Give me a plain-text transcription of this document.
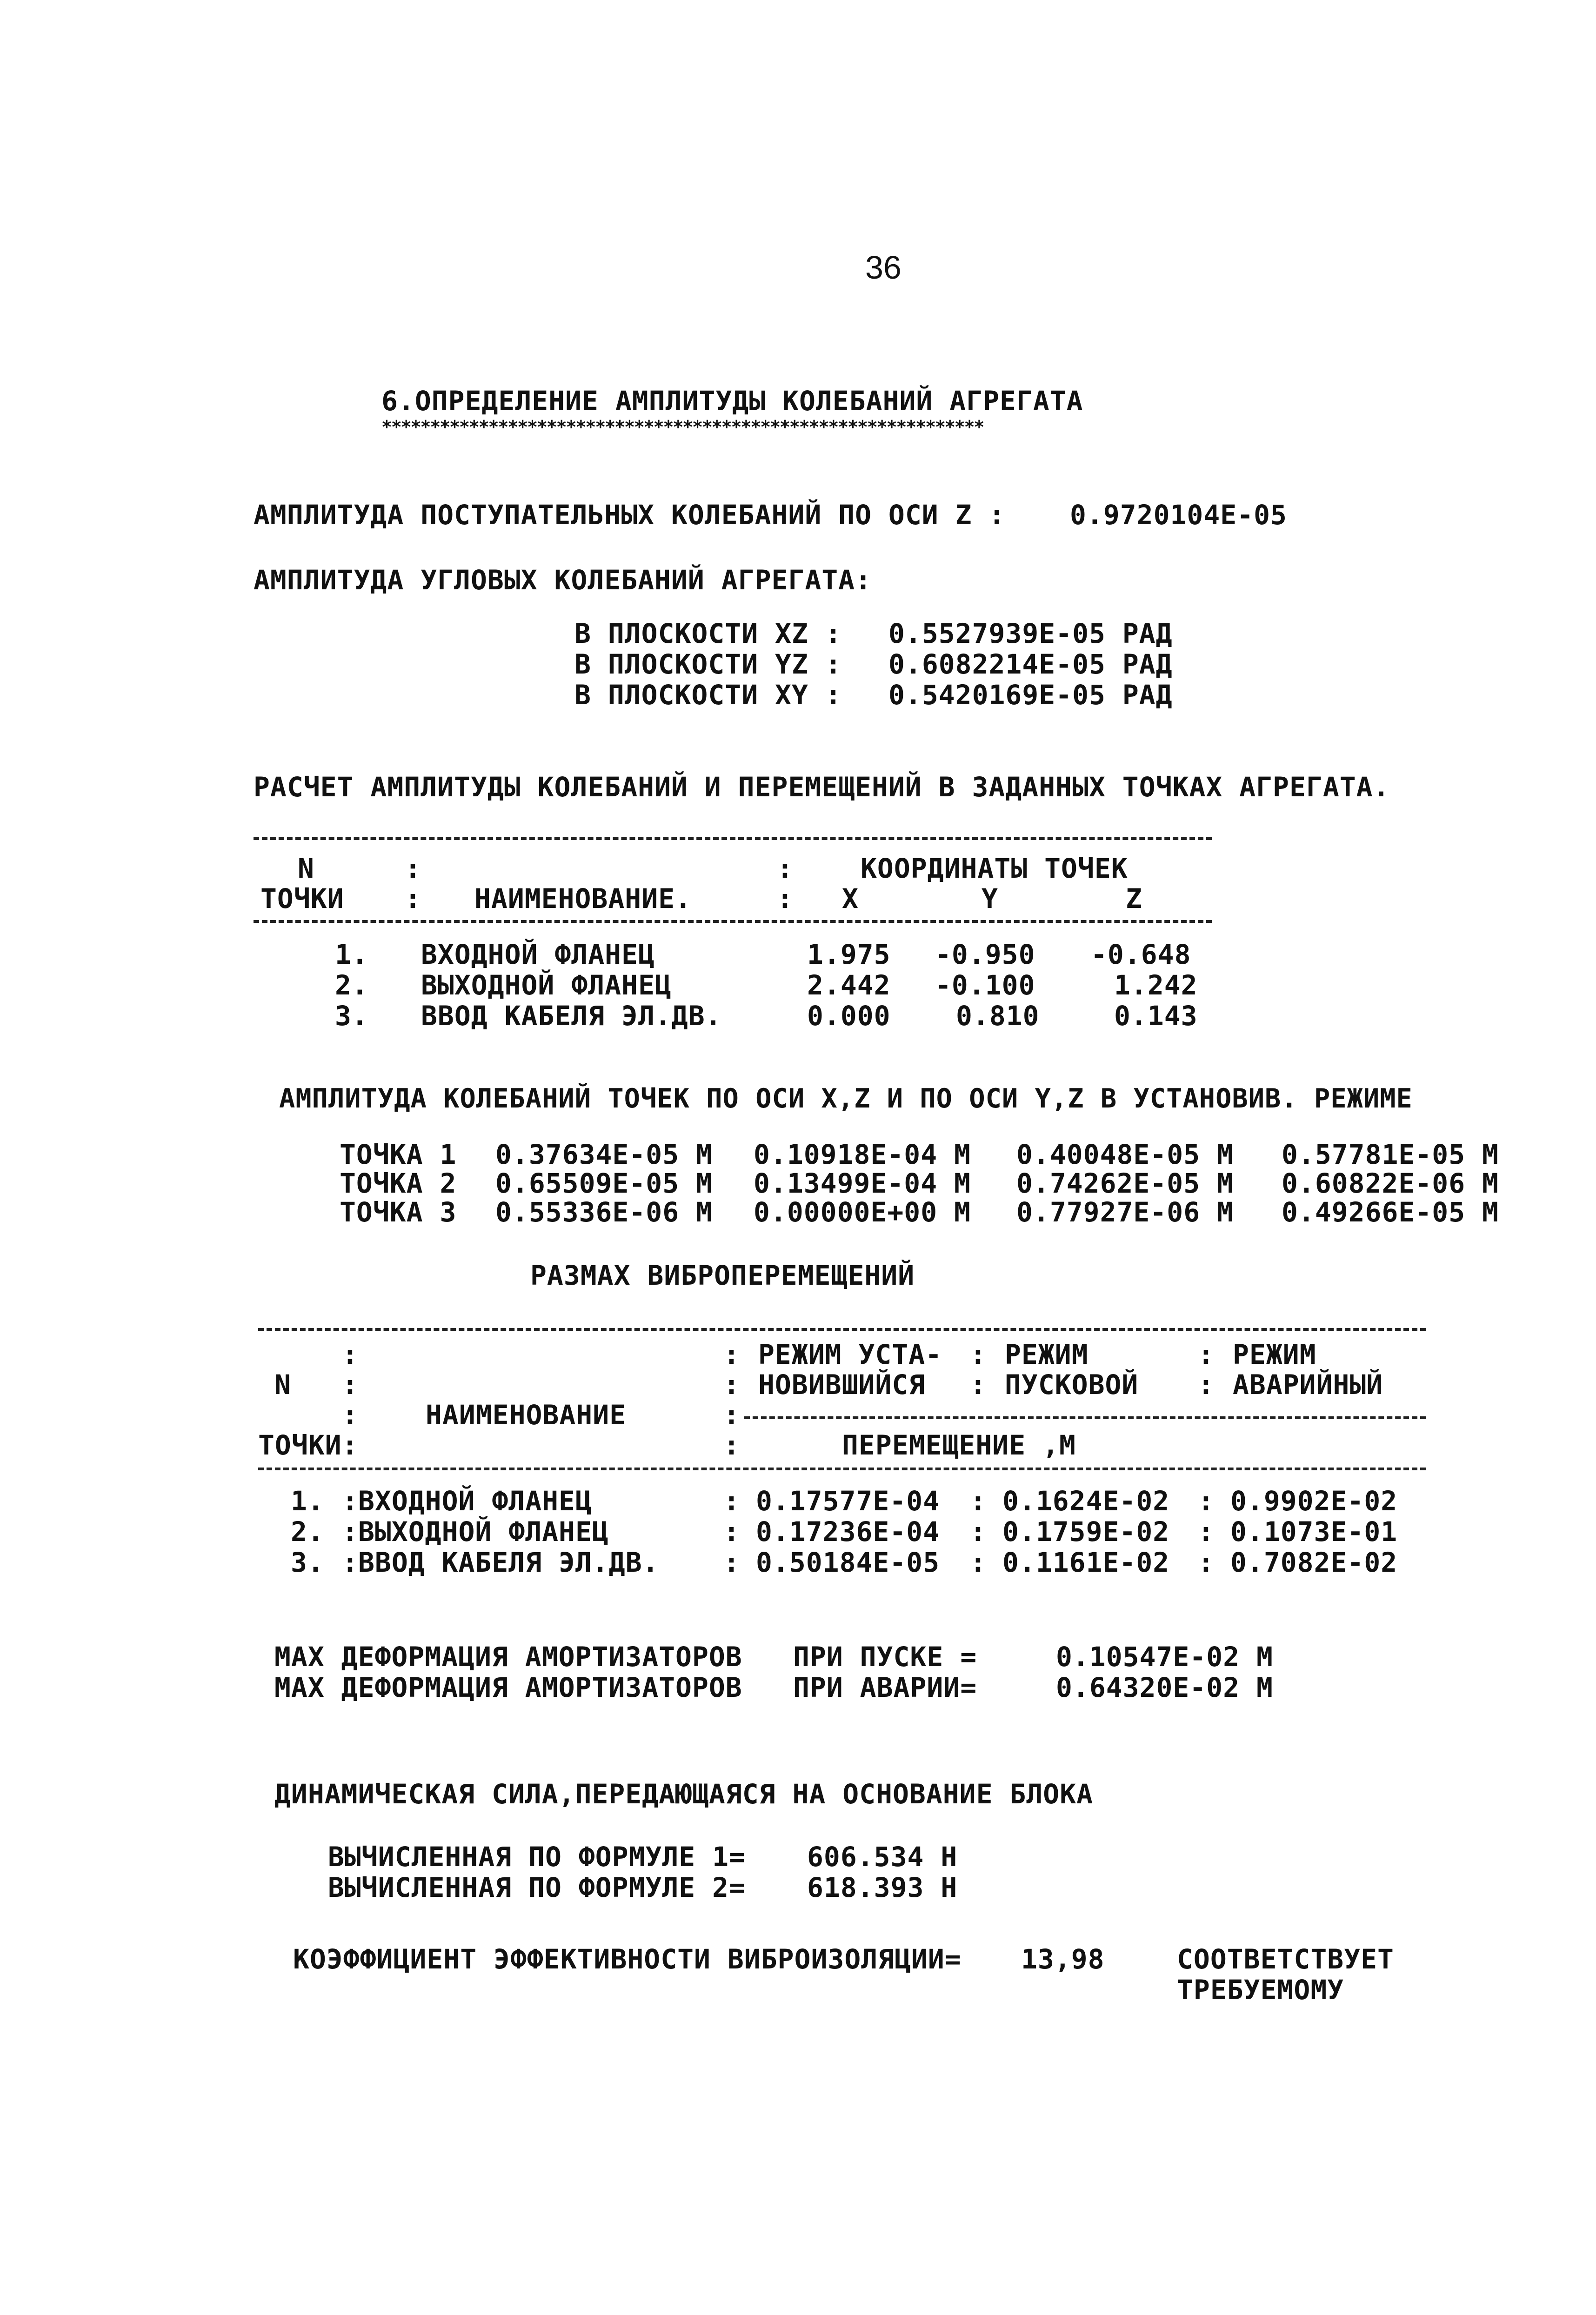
36
6.ОПРЕДЕЛЕНИЕ АМПЛИТУДЫ КОЛЕБАНИЙ АГРЕГАТА
**************************************************************
АМПЛИТУДА ПОСТУПАТЕЛЬНЫХ КОЛЕБАНИЙ ПО ОСИ Z : 0.9720104E-05
АМПЛИТУДА УГЛОВЫХ КОЛЕБАНИЙ АГРЕГАТА:
В ПЛОСКОСТИ XZ : 0.5527939E-05 РАД
В ПЛОСКОСТИ YZ : 0.6082214E-05 РАД
В ПЛОСКОСТИ XY : 0.5420169E-05 РАД
РАСЧЕТ АМПЛИТУДЫ КОЛЕБАНИЙ И ПЕРЕМЕЩЕНИЙ В ЗАДАННЫХ ТОЧКАХ АГРЕГАТА.
N	:	: КООРДИНАТЫ ТОЧЕК
ТОЧКИ : НАИМЕНОВАНИЕ.	: X	Y	Z
1. ВХОДНОЙ ФЛАНЕЦ	1.975 -0.950 -0.648
2. ВЫХОДНОЙ ФЛАНЕЦ	2.442 -0.100	1.242
3. ВВОД КАБЕЛЯ ЭЛ.ДВ.	0.000 0.810	0.143
АМПЛИТУДА КОЛЕБАНИЙ ТОЧЕК ПО ОСИ X,Z И ПО ОСИ Y,Z В УСТАНОВИВ. РЕЖИМЕ
ТОЧКА 1 0.37634E-05 М 0.10918E-04 М 0.40048E-05 М 0.57781E-05 М
ТОЧКА 2 0.65509E-05 М 0.13499E-04 М 0.74262E-05 М 0.60822E-06 М
ТОЧКА 3 0.55336E-06 М 0.00000E+00 М 0.77927E-06 М 0.49266E-05 М
РАЗМАХ ВИБРОПЕРЕМЕЩЕНИЙ
:	: РЕЖИМ УСТА- : РЕЖИМ	: РЕЖИМ
N :	: НОВИВШИЙСЯ : ПУСКОВОЙ : АВАРИЙНЫЙ
: НАИМЕНОВАНИЕ	:
ТОЧКИ:	:	ПЕРЕМЕЩЕНИЕ ,М
1. : ВХОДНОЙ ФЛАНЕЦ	: 0.17577E-04 : 0.1624E-02 : 0.9902E-02
2. : ВЫХОДНОЙ ФЛАНЕЦ	: 0.17236E-04 : 0.1759E-02 : 0.1073E-01
3. : ВВОД КАБЕЛЯ ЭЛ.ДВ. : 0.50184E-05 : 0.1161E-02 : 0.7082E-02
МАХ ДЕФОРМАЦИЯ АМОРТИЗАТОРОВ ПРИ ПУСКЕ =	0.10547E-02 М
МАХ ДЕФОРМАЦИЯ АМОРТИЗАТОРОВ ПРИ АВАРИИ=	0.64320E-02 М
ДИНАМИЧЕСКАЯ СИЛА,ПЕРЕДАЮЩАЯСЯ НА ОСНОВАНИЕ БЛОКА
ВЫЧИСЛЕННАЯ ПО ФОРМУЛЕ 1= 606.534 Н
ВЫЧИСЛЕННАЯ ПО ФОРМУЛЕ 2= 618.393 Н
КОЭФФИЦИЕНТ ЭФФЕКТИВНОСТИ ВИБРОИЗОЛЯЦИИ= 13,98	СООТВЕТСТВУЕТ
ТРЕБУЕМОМУ
